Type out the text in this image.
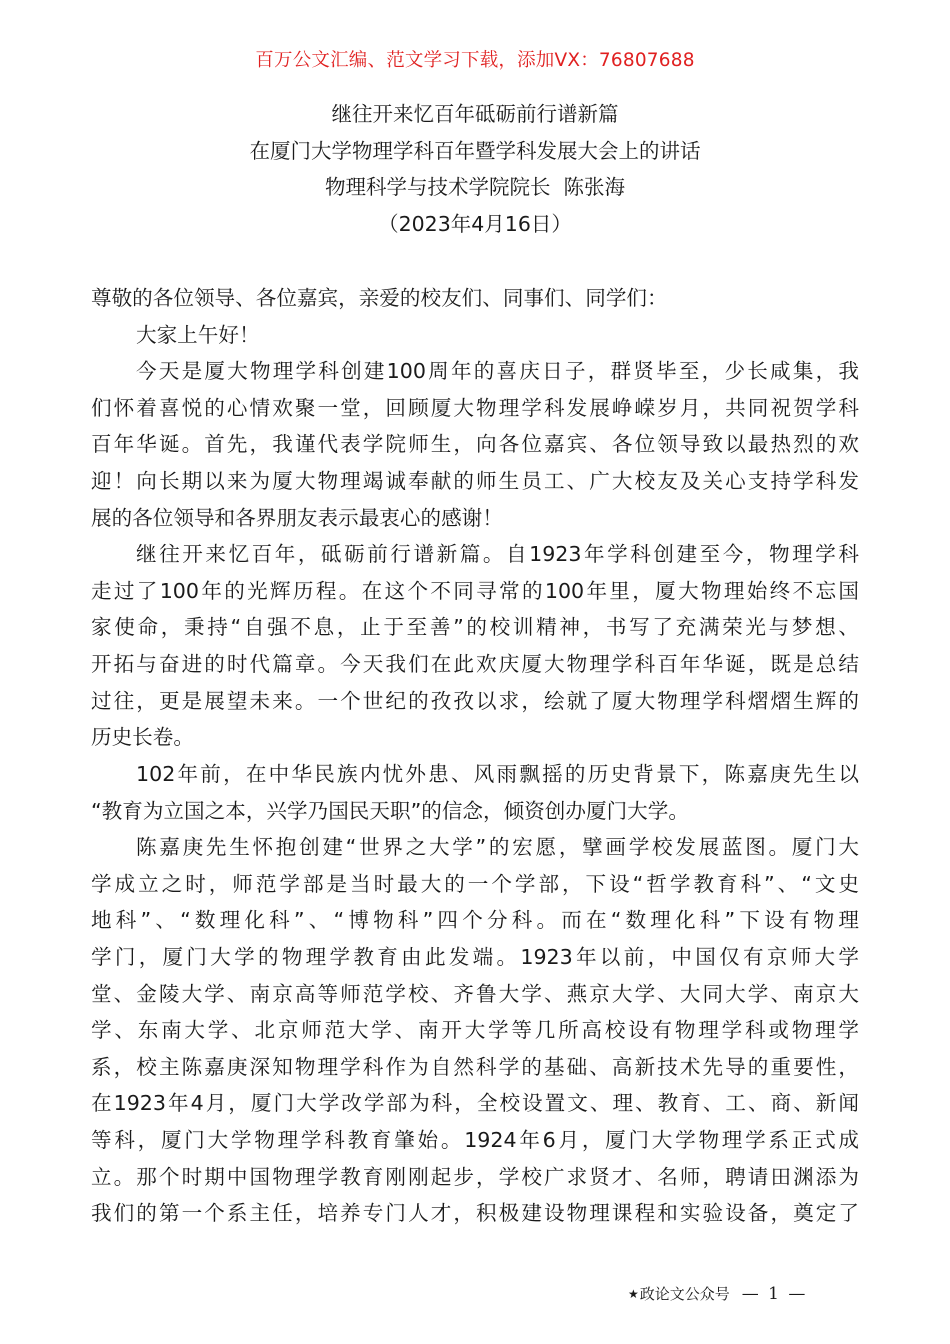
百万公文汇编、范文学习下载，添加VX：76807688
继往开来忆百年砥砺前行谱新篇
在厦门大学物理学科百年暨学科发展大会上的讲话
物理科学与技术学院院长  陈张海
（2023年4月16日）
尊敬的各位领导、各位嘉宾，亲爱的校友们、同事们、同学们：
大家上午好！
今天是厦大物理学科创建100周年的喜庆日子，群贤毕至，少长咸集，我
们怀着喜悦的心情欢聚一堂，回顾厦大物理学科发展峥嵘岁月，共同祝贺学科
百年华诞。首先，我谨代表学院师生，向各位嘉宾、各位领导致以最热烈的欢
迎！向长期以来为厦大物理竭诚奉献的师生员工、广大校友及关心支持学科发
展的各位领导和各界朋友表示最衷心的感谢！
继往开来忆百年，砥砺前行谱新篇。自1923年学科创建至今，物理学科
走过了100年的光辉历程。在这个不同寻常的100年里，厦大物理始终不忘国
家使命，秉持“自强不息，止于至善”的校训精神，书写了充满荣光与梦想、
开拓与奋进的时代篇章。今天我们在此欢庆厦大物理学科百年华诞，既是总结
过往，更是展望未来。一个世纪的孜孜以求，绘就了厦大物理学科熠熠生辉的
历史长卷。
102年前，在中华民族内忧外患、风雨飘摇的历史背景下，陈嘉庚先生以
“教育为立国之本，兴学乃国民天职”的信念，倾资创办厦门大学。
陈嘉庚先生怀抱创建“世界之大学”的宏愿，擘画学校发展蓝图。厦门大
学成立之时，师范学部是当时最大的一个学部，下设“哲学教育科”、“文史
地科”、“数理化科”、“博物科”四个分科。而在“数理化科”下设有物理
学门，厦门大学的物理学教育由此发端。1923年以前，中国仅有京师大学
堂、金陵大学、南京高等师范学校、齐鲁大学、燕京大学、大同大学、南京大
学、东南大学、北京师范大学、南开大学等几所高校设有物理学科或物理学
系，校主陈嘉庚深知物理学科作为自然科学的基础、高新技术先导的重要性，
在1923年4月，厦门大学改学部为科，全校设置文、理、教育、工、商、新闻
等科，厦门大学物理学科教育肇始。1924年6月，厦门大学物理学系正式成
立。那个时期中国物理学教育刚刚起步，学校广求贤才、名师，聘请田渊添为
我们的第一个系主任，培养专门人才，积极建设物理课程和实验设备，奠定了
★ 政论文公众号 — 1 —
